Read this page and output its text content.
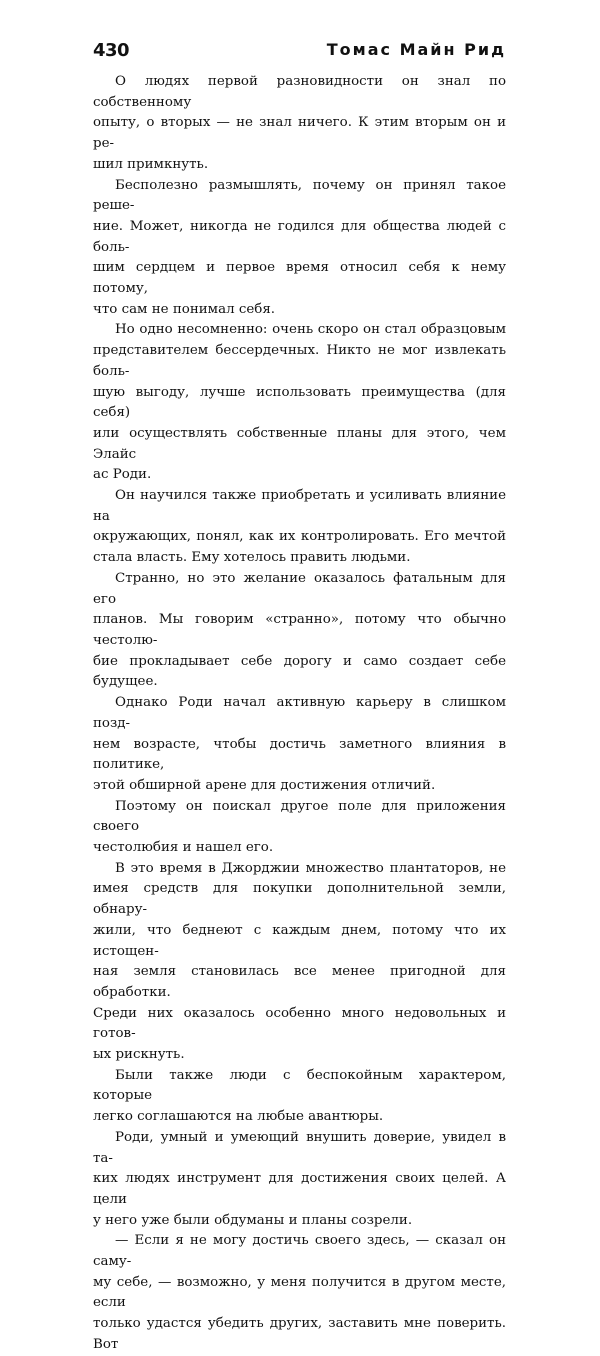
430	Томас Майн Рид
О людях первой разновидности он знал по собственному
опыту, о вторых — не знал ничего. К этим вторым он и ре-
шил примкнуть.
Бесполезно размышлять, почему он принял такое реше-
ние. Может, никогда не годился для общества людей с боль-
шим сердцем и первое время относил себя к нему потому,
что сам не понимал себя.
Но одно несомненно: очень скоро он стал образцовым
представителем бессердечных. Никто не мог извлекать боль-
шую выгоду, лучше использовать преимущества (для себя)
или осуществлять собственные планы для этого, чем Элайс
ас Роди.
Он научился также приобретать и усиливать влияние на
окружающих, понял, как их контролировать. Его мечтой
стала власть. Ему хотелось править людьми.
Странно, но это желание оказалось фатальным для его
планов. Мы говорим «странно», потому что обычно честолю-
бие прокладывает себе дорогу и само создает себе будущее.
Однако Роди начал активную карьеру в слишком позд-
нем возрасте, чтобы достичь заметного влияния в политике,
этой обширной арене для достижения отличий.
Поэтому он поискал другое поле для приложения своего
честолюбия и нашел его.
В это время в Джорджии множество плантаторов, не
имея средств для покупки дополнительной земли, обнару-
жили, что беднеют с каждым днем, потому что их истощен-
ная земля становилась все менее пригодной для обработки.
Среди них оказалось особенно много недовольных и готов-
ых рискнуть.
Были также люди с беспокойным характером, которые
легко соглашаются на любые авантюры.
Роди, умный и умеющий внушить доверие, увидел в та-
ких людях инструмент для достижения своих целей. А цели
у него уже были обдуманы и планы созрели.
— Если я не могу достичь своего здесь, — сказал он саму-
му себе, — возможно, у меня получится в другом месте, если
только удастся убедить других, заставить мне поверить. Вот
